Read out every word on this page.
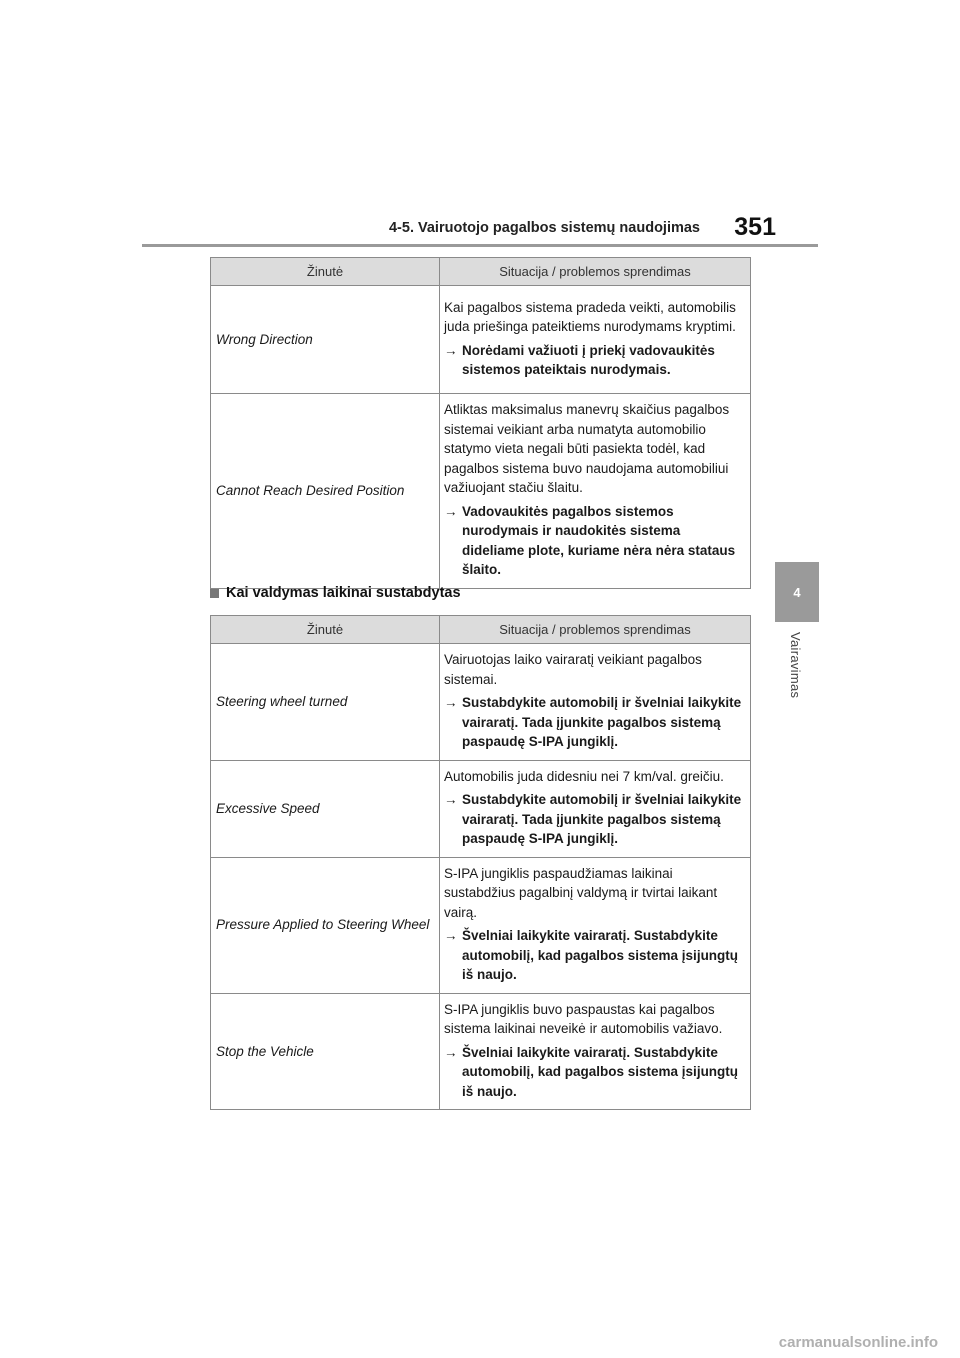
4-5. Vairuotojo pagalbos sistemų naudojimas 351
4
Vairavimas
Žinutė	Situacija / problemos sprendimas
Wrong Direction	Kai pagalbos sistema pradeda veikti, automobilis juda priešinga pateiktiems nurodymams kryptimi.

→ Norėdami važiuoti į priekį vadovaukitės sistemos pateiktais nurodymais.

Cannot Reach Desired Position	Atliktas maksimalus manevrų skaičius pagalbos sistemai veikiant arba numatyta automobilio statymo vieta negali būti pasiekta todėl, kad pagalbos sistema buvo naudojama automobiliui važiuojant stačiu šlaitu.

→ Vadovaukitės pagalbos sistemos nurodymais ir naudokitės sistema dideliame plote, kuriame nėra nėra stataus šlaito.
Kai valdymas laikinai sustabdytas
Žinutė	Situacija / problemos sprendimas
Steering wheel turned	Vairuotojas laiko vairaratį veikiant pagalbos sistemai.

→ Sustabdykite automobilį ir švelniai laikykite vairaratį. Tada įjunkite pagalbos sistemą paspaudę S-IPA jungiklį.

Excessive Speed	Automobilis juda didesniu nei 7 km/val. greičiu.

→ Sustabdykite automobilį ir švelniai laikykite vairaratį. Tada įjunkite pagalbos sistemą paspaudę S-IPA jungiklį.

Pressure Applied to Steering Wheel	S-IPA jungiklis paspaudžiamas laikinai sustabdžius pagalbinį valdymą ir tvirtai laikant vairą.

→ Švelniai laikykite vairaratį. Sustabdykite automobilį, kad pagalbos sistema įsijungtų iš naujo.

Stop the Vehicle	S-IPA jungiklis buvo paspaustas kai pagalbos sistema laikinai neveikė ir automobilis važiavo.

→ Švelniai laikykite vairaratį. Sustabdykite automobilį, kad pagalbos sistema įsijungtų iš naujo.
carmanualsonline.info
